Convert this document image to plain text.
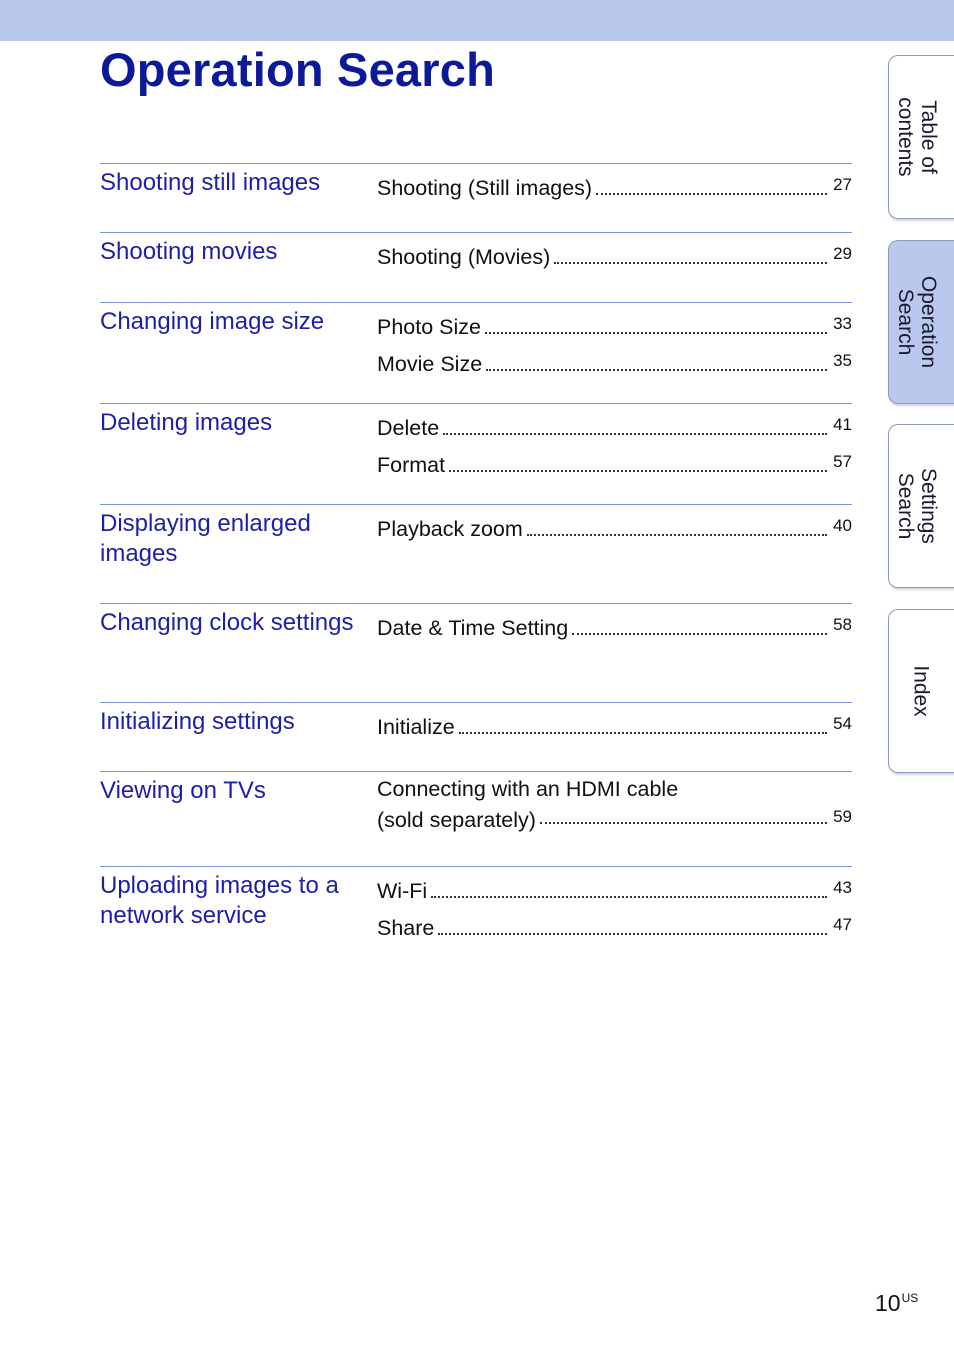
Operation Search
Shooting still images	Shooting (Still images)	27
Shooting movies	Shooting (Movies)	29
Changing image size	Photo Size	33
Movie Size	35
Deleting images	Delete	41
Format	57
Displaying enlarged images
Playback zoom	40
Changing clock settings	Date & Time Setting	58
Initializing settings	Initialize	54
Viewing on TVs	Connecting with an HDMI cable
(sold separately)	59
Uploading images to a network service
Wi-Fi	43
Share	47
Table of contents
Operation Search
Settings Search
Index
$10^{US}$
